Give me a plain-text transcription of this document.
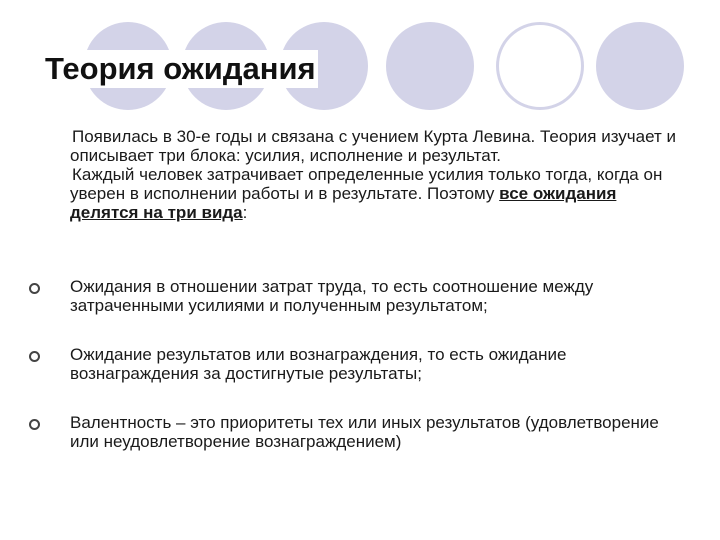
Теория ожидания

Появилась в 30-е годы и связана с учением Курта Левина. Теория изучает и описывает три блока: усилия, исполнение и результат.

Каждый человек затрачивает определенные усилия только тогда, когда он уверен в исполнении работы и в результате. Поэтому все ожидания делятся на три вида:

Ожидания в отношении затрат труда, то есть соотношение между затраченными усилиями и полученным результатом;
Ожидание результатов или вознаграждения, то есть ожидание вознаграждения за достигнутые результаты;
Валентность – это приоритеты тех или иных результатов (удовлетворение или неудовлетворение вознаграждением)
